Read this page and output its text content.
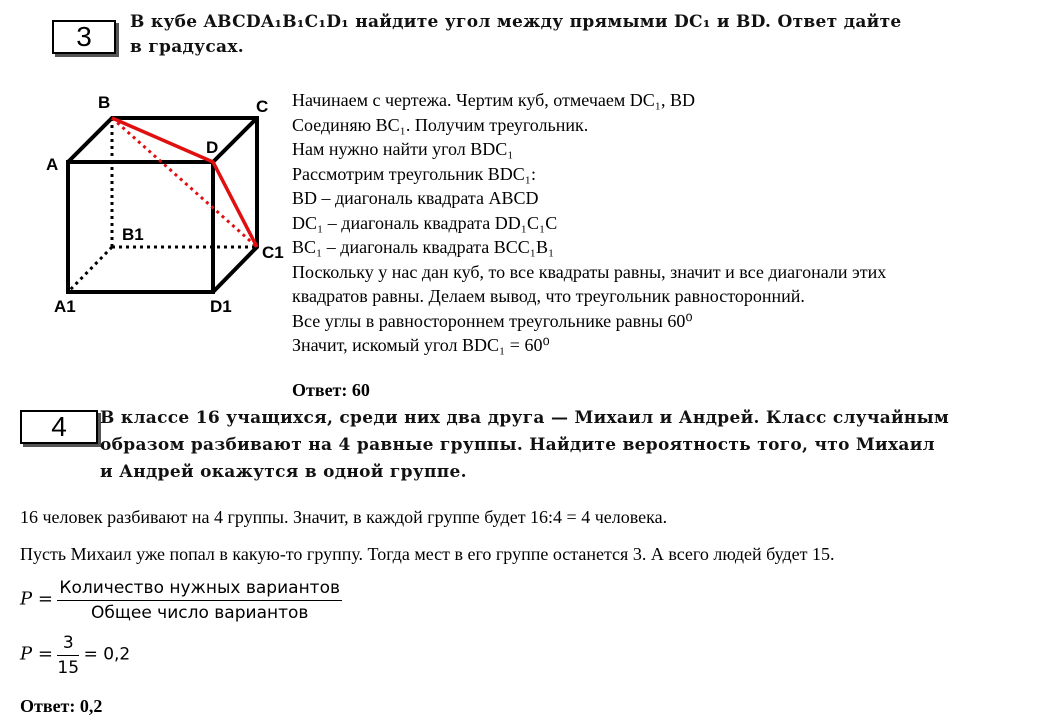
3	В кубе ABCDA₁B₁C₁D₁ найдите угол между прямыми DC₁ и BD. Ответ дайте
в градусах.
B	C
A
D
B1
C1
A1	D1
Начинаем с чертежа. Чертим куб, отмечаем DC₁, BD
Соединяю BC₁. Получим треугольник.
Нам нужно найти угол BDC₁
Рассмотрим треугольник BDC₁:
BD – диагональ квадрата ABCD
DC₁ – диагональ квадрата DD₁C₁C
BC₁ – диагональ квадрата BCC₁B₁
Поскольку у нас дан куб, то все квадраты равны, значит и все диагонали этих
квадратов равны. Делаем вывод, что треугольник равносторонний.
Все углы в равностороннем треугольнике равны 60⁰
Значит, искомый угол BDC₁ = 60⁰
Ответ: 60
4	В классе 16 учащихся, среди них два друга — Михаил и Андрей. Класс случайным
образом разбивают на 4 равные группы. Найдите вероятность того, что Михаил
и Андрей окажутся в одной группе.
16 человек разбивают на 4 группы. Значит, в каждой группе будет 16:4 = 4 человека.
Пусть Михаил уже попал в какую-то группу. Тогда мест в его группе останется 3. А всего людей будет 15.
$P = \frac{\text{Количество нужных вариантов}}{\text{Общее число вариантов}}$
$P = \frac{3}{15} = 0,2$
Ответ: 0,2
